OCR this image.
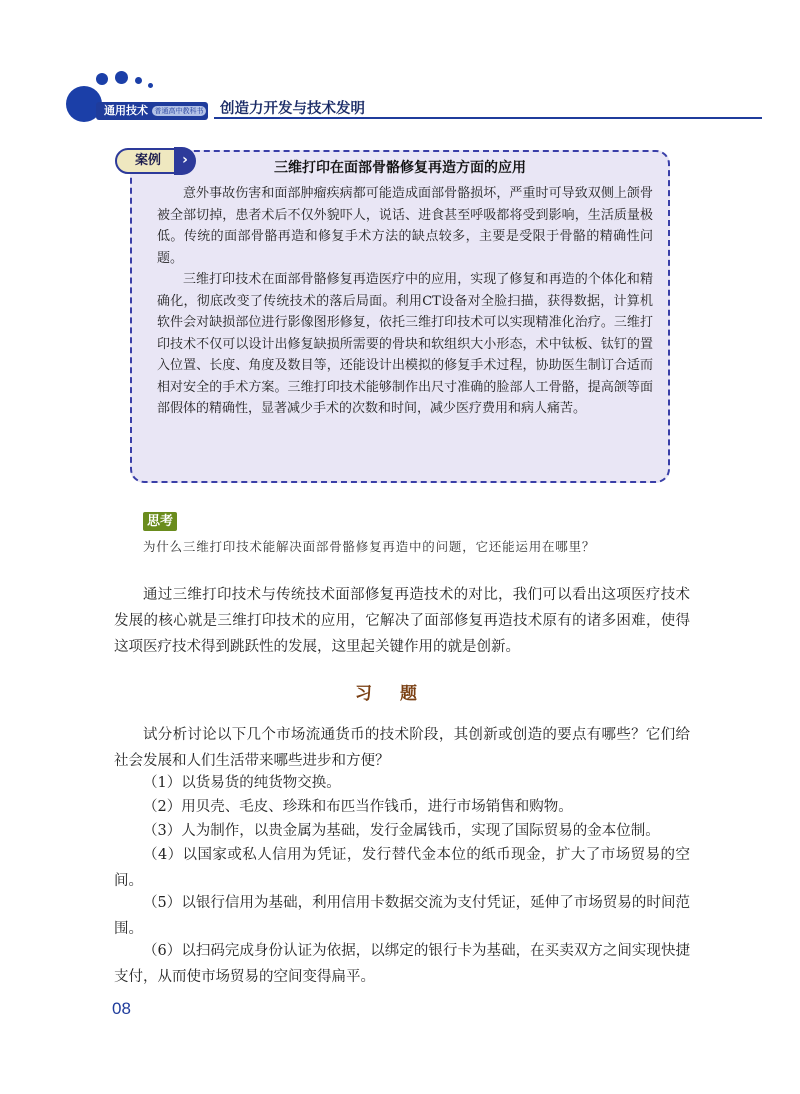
通用技术 普通高中教科书 创造力开发与技术发明
案例	›	三维打印在面部骨骼修复再造方面的应用

意外事故伤害和面部肿瘤疾病都可能造成面部骨骼损坏，严重时可导致双侧上颌骨被全部切掉，患者术后不仅外貌吓人，说话、进食甚至呼吸都将受到影响，生活质量极低。传统的面部骨骼再造和修复手术方法的缺点较多，主要是受限于骨骼的精确性问题。

三维打印技术在面部骨骼修复再造医疗中的应用，实现了修复和再造的个体化和精确化，彻底改变了传统技术的落后局面。利用CT设备对全脸扫描，获得数据，计算机软件会对缺损部位进行影像图形修复，依托三维打印技术可以实现精准化治疗。三维打印技术不仅可以设计出修复缺损所需要的骨块和软组织大小形态，术中钛板、钛钉的置入位置、长度、角度及数目等，还能设计出模拟的修复手术过程，协助医生制订合适而相对安全的手术方案。三维打印技术能够制作出尺寸准确的脸部人工骨骼，提高颌等面部假体的精确性，显著减少手术的次数和时间，减少医疗费用和病人痛苦。

思考
为什么三维打印技术能解决面部骨骼修复再造中的问题，它还能运用在哪里？

通过三维打印技术与传统技术面部修复再造技术的对比，我们可以看出这项医疗技术发展的核心就是三维打印技术的应用，它解决了面部修复再造技术原有的诸多困难，使得这项医疗技术得到跳跃性的发展，这里起关键作用的就是创新。

习题

试分析讨论以下几个市场流通货币的技术阶段，其创新或创造的要点有哪些？它们给社会发展和人们生活带来哪些进步和方便？

（1）以货易货的纯货物交换。

（2）用贝壳、毛皮、珍珠和布匹当作钱币，进行市场销售和购物。

（3）人为制作，以贵金属为基础，发行金属钱币，实现了国际贸易的金本位制。

（4）以国家或私人信用为凭证，发行替代金本位的纸币现金，扩大了市场贸易的空间。

（5）以银行信用为基础，利用信用卡数据交流为支付凭证，延伸了市场贸易的时间范围。

（6）以扫码完成身份认证为依据，以绑定的银行卡为基础，在买卖双方之间实现快捷支付，从而使市场贸易的空间变得扁平。

08
